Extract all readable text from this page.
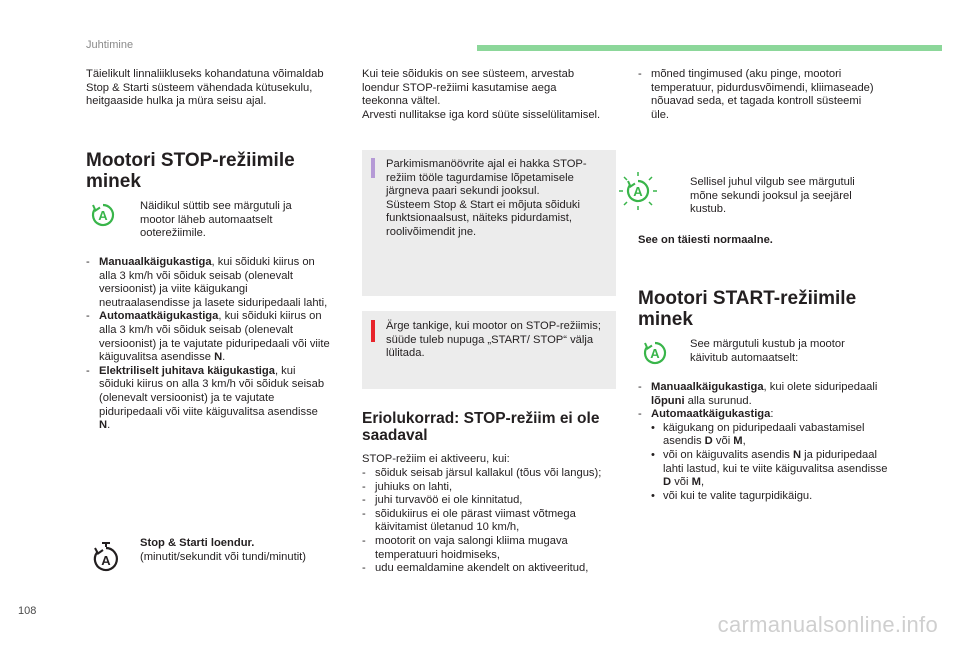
Juhtimine
Täielikult linnaliikluseks kohandatuna võimaldab Stop & Starti süsteem vähendada kütusekulu, heitgaaside hulka ja müra seisu ajal.
Mootori STOP-režiimile minek
A
Näidikul süttib see märgutuli ja mootor läheb automaatselt ooterežiimile.
- Manuaalkäigukastiga, kui sõiduki kiirus on alla 3 km/h või sõiduk seisab (olenevalt versioonist) ja viite käigukangi neutraalasendisse ja lasete siduripedaali lahti,
- Automaatkäigukastiga, kui sõiduki kiirus on alla 3 km/h või sõiduk seisab (olenevalt versioonist) ja te vajutate piduripedaali või viite käiguvalitsa asendisse N.
- Elektriliselt juhitava käigukastiga, kui sõiduki kiirus on alla 3 km/h või sõiduk seisab (olenevalt versioonist) ja te vajutate piduripedaali või viite käiguvalitsa asendisse N.
A
Stop & Starti loendur.
(minutit/sekundit või tundi/minutit)
Kui teie sõidukis on see süsteem, arvestab loendur STOP-režiimi kasutamise aega teekonna vältel.
Arvesti nullitakse iga kord süüte sisselülitamisel.
Parkimismanöövrite ajal ei hakka STOP-režiim tööle tagurdamise lõpetamisele järgneva paari sekundi jooksul.
Süsteem Stop & Start ei mõjuta sõiduki funktsionaalsust, näiteks pidurdamist, roolivõimendit jne.
Ärge tankige, kui mootor on STOP-režiimis; süüde tuleb nupuga „START/ STOP“ välja lülitada.
Eriolukorrad: STOP-režiim ei ole saadaval
STOP-režiim ei aktiveeru, kui:
- sõiduk seisab järsul kallakul (tõus või langus);
- juhiuks on lahti,
- juhi turvavöö ei ole kinnitatud,
- sõidukiirus ei ole pärast viimast võtmega käivitamist ületanud 10 km/h,
- mootorit on vaja salongi kliima mugava temperatuuri hoidmiseks,
- udu eemaldamine akendelt on aktiveeritud,
- mõned tingimused (aku pinge, mootori temperatuur, pidurdusvõimendi, kliimaseade) nõuavad seda, et tagada kontroll süsteemi üle.
A
Sellisel juhul vilgub see märgutuli mõne sekundi jooksul ja seejärel kustub.
See on täiesti normaalne.
Mootori START-režiimile minek
A
See märgutuli kustub ja mootor käivitub automaatselt:
- Manuaalkäigukastiga, kui olete siduripedaali lõpuni alla surunud.
- Automaatkäigukastiga:
• käigukang on piduripedaali vabastamisel asendis D või M,
• või on käiguvalits asendis N ja piduripedaal lahti lastud, kui te viite käiguvalitsa asendisse D või M,
• või kui te valite tagurpidikäigu.
108
carmanualsonline.info
